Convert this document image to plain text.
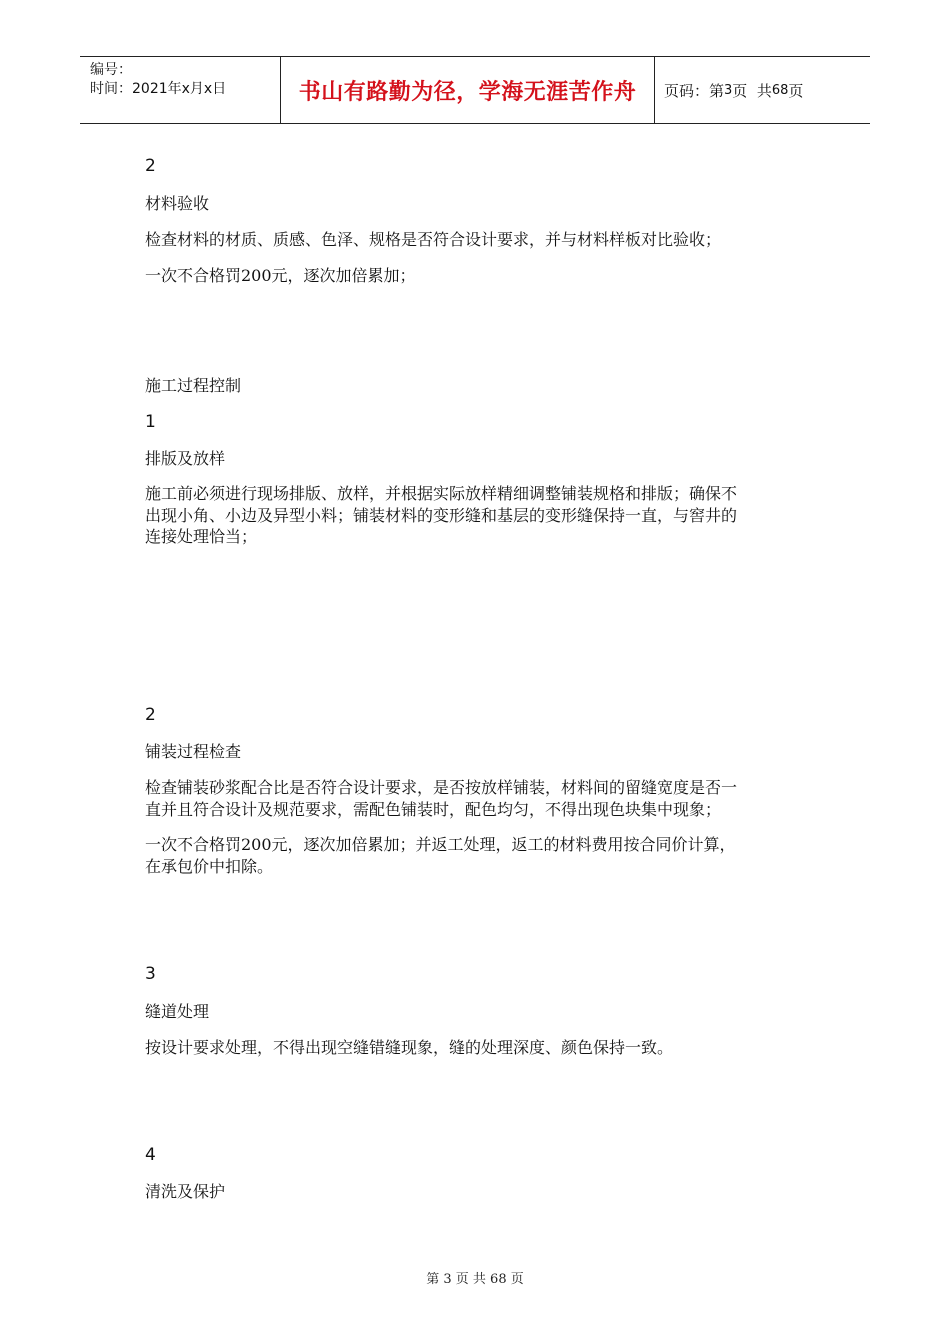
编号：
时间：2021年x月x日	书山有路勤为径，学海无涯苦作舟	页码：第 3 页  共 68 页
2
材料验收
检查材料的材质、质感、色泽、规格是否符合设计要求，并与材料样板对比验收；
一次不合格罚200元，逐次加倍累加；
施工过程控制
1
排版及放样
施工前必须进行现场排版、放样，并根据实际放样精细调整铺装规格和排版；确保不
出现小角、小边及异型小料；铺装材料的变形缝和基层的变形缝保持一直，与窖井的
连接处理恰当；
2
铺装过程检查
检查铺装砂浆配合比是否符合设计要求，是否按放样铺装，材料间的留缝宽度是否一
直并且符合设计及规范要求，需配色铺装时，配色均匀，不得出现色块集中现象；
一次不合格罚200元，逐次加倍累加；并返工处理，返工的材料费用按合同价计算，
在承包价中扣除。
3
缝道处理
按设计要求处理，不得出现空缝错缝现象，缝的处理深度、颜色保持一致。
4
清洗及保护
第 3 页 共 68 页
